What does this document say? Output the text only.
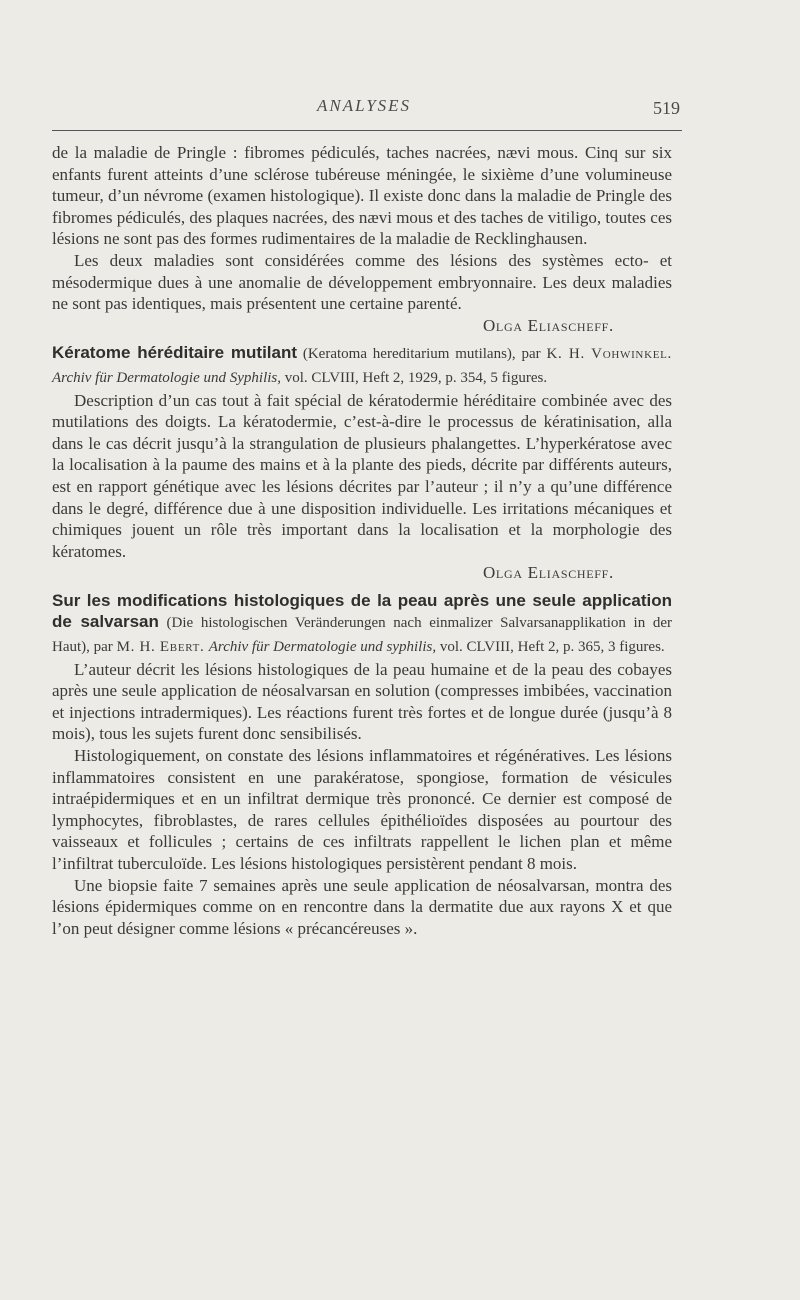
ANALYSES	519

de la maladie de Pringle : fibromes pédiculés, taches nacrées, nævi mous. Cinq sur six enfants furent atteints d’une sclérose tubéreuse méningée, le sixième d’une volumineuse tumeur, d’un névrome (examen histologique). Il existe donc dans la maladie de Pringle des fibromes pédiculés, des plaques nacrées, des nævi mous et des taches de vitiligo, toutes ces lésions ne sont pas des formes rudimentaires de la maladie de Recklinghausen.

Les deux maladies sont considérées comme des lésions des systèmes ecto- et mésodermique dues à une anomalie de développement embryonnaire. Les deux maladies ne sont pas identiques, mais présentent une certaine parenté.

Olga Eliascheff.

Kératome héréditaire mutilant (Keratoma hereditarium mutilans), par K. H. Vohwinkel. Archiv für Dermatologie und Syphilis, vol. CLVIII, Heft 2, 1929, p. 354, 5 figures.

Description d’un cas tout à fait spécial de kératodermie héréditaire combinée avec des mutilations des doigts. La kératodermie, c’est-à-dire le processus de kératinisation, alla dans le cas décrit jusqu’à la strangulation de plusieurs phalangettes. L’hyperkératose avec la localisation à la paume des mains et à la plante des pieds, décrite par différents auteurs, est en rapport génétique avec les lésions décrites par l’auteur ; il n’y a qu’une différence dans le degré, différence due à une disposition individuelle. Les irritations mécaniques et chimiques jouent un rôle très important dans la localisation et la morphologie des kératomes.

Olga Eliascheff.

Sur les modifications histologiques de la peau après une seule application de salvarsan (Die histologischen Veränderungen nach einmalizer Salvarsanapplikation in der Haut), par M. H. Ebert. Archiv für Dermatologie und syphilis, vol. CLVIII, Heft 2, p. 365, 3 figures.

L’auteur décrit les lésions histologiques de la peau humaine et de la peau des cobayes après une seule application de néosalvarsan en solution (compresses imbibées, vaccination et injections intradermiques). Les réactions furent très fortes et de longue durée (jusqu’à 8 mois), tous les sujets furent donc sensibilisés.

Histologiquement, on constate des lésions inflammatoires et régénératives. Les lésions inflammatoires consistent en une parakératose, spongiose, formation de vésicules intraépidermiques et en un infiltrat dermique très prononcé. Ce dernier est composé de lymphocytes, fibroblastes, de rares cellules épithélioïdes disposées au pourtour des vaisseaux et follicules ; certains de ces infiltrats rappellent le lichen plan et même l’infiltrat tuberculoïde. Les lésions histologiques persistèrent pendant 8 mois.

Une biopsie faite 7 semaines après une seule application de néosalvarsan, montra des lésions épidermiques comme on en rencontre dans la dermatite due aux rayons X et que l’on peut désigner comme lésions « précancéreuses ».
